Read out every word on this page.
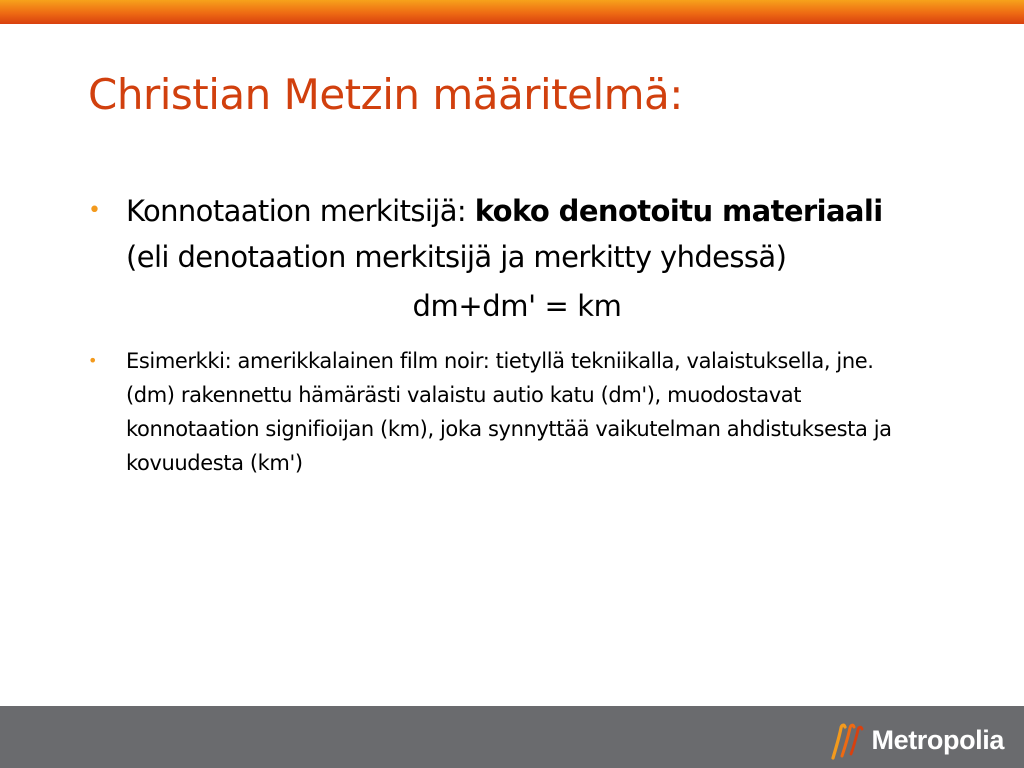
Christian Metzin määritelmä:
• Konnotaation merkitsijä: koko denotoitu materiaali (eli denotaation merkitsijä ja merkitty yhdessä)
dm+dm' = km
• Esimerkki: amerikkalainen film noir: tietyllä tekniikalla, valaistuksella, jne. (dm) rakennettu hämärästi valaistu autio katu (dm'), muodostavat konnotaation signifioijan (km), joka synnyttää vaikutelman ahdistuksesta ja kovuudesta (km')
Metropolia
